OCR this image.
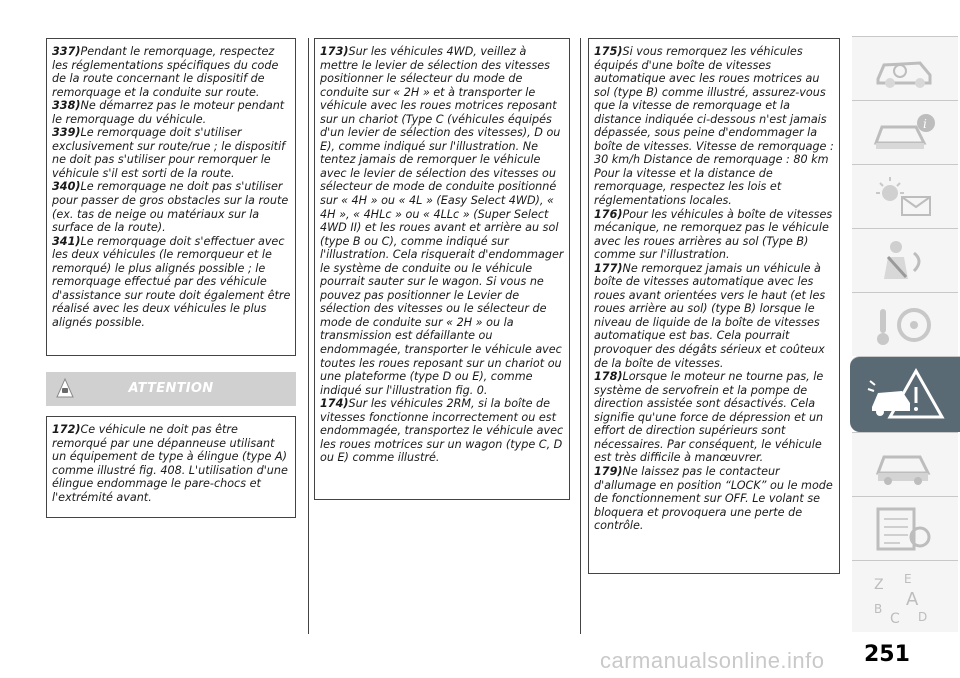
337)Pendant le remorquage, respectez les réglementations spécifiques du code de la route concernant le dispositif de remorquage et la conduite sur route.

338)Ne démarrez pas le moteur pendant le remorquage du véhicule.

339)Le remorquage doit s'utiliser exclusivement sur route/rue ; le dispositif ne doit pas s'utiliser pour remorquer le véhicule s'il est sorti de la route.

340)Le remorquage ne doit pas s'utiliser pour passer de gros obstacles sur la route (ex. tas de neige ou matériaux sur la surface de la route).

341)Le remorquage doit s'effectuer avec les deux véhicules (le remorqueur et le remorqué) le plus alignés possible ; le remorquage effectué par des véhicule d'assistance sur route doit également être réalisé avec les deux véhicules le plus alignés possible.

ATTENTION

172)Ce véhicule ne doit pas être remorqué par une dépanneuse utilisant un équipement de type à élingue (type A) comme illustré fig. 408. L'utilisation d'une élingue endommage le pare-chocs et l'extrémité avant.

173)Sur les véhicules 4WD, veillez à mettre le levier de sélection des vitesses positionner le sélecteur du mode de conduite sur « 2H » et à transporter le véhicule avec les roues motrices reposant sur un chariot (Type C (véhicules équipés d'un levier de sélection des vitesses), D ou E), comme indiqué sur l'illustration. Ne tentez jamais de remorquer le véhicule avec le levier de sélection des vitesses ou sélecteur de mode de conduite positionné sur « 4H » ou « 4L » (Easy Select 4WD), « 4H », « 4HLc » ou « 4LLc » (Super Select 4WD II) et les roues avant et arrière au sol (type B ou C), comme indiqué sur l'illustration. Cela risquerait d'endommager le système de conduite ou le véhicule pourrait sauter sur le wagon. Si vous ne pouvez pas positionner le Levier de sélection des vitesses ou le sélecteur de mode de conduite sur « 2H » ou la transmission est défaillante ou endommagée, transporter le véhicule avec toutes les roues reposant sur un chariot ou une plateforme (type D ou E), comme indiqué sur l'illustration fig. 0.

174)Sur les véhicules 2RM, si la boîte de vitesses fonctionne incorrectement ou est endommagée, transportez le véhicule avec les roues motrices sur un wagon (type C, D ou E) comme illustré.

175)Si vous remorquez les véhicules équipés d'une boîte de vitesses automatique avec les roues motrices au sol (type B) comme illustré, assurez-vous que la vitesse de remorquage et la distance indiquée ci-dessous n'est jamais dépassée, sous peine d'endommager la boîte de vitesses. Vitesse de remorquage : 30 km/h Distance de remorquage : 80 km Pour la vitesse et la distance de remorquage, respectez les lois et réglementations locales.

176)Pour les véhicules à boîte de vitesses mécanique, ne remorquez pas le véhicule avec les roues arrières au sol (Type B) comme sur l'illustration.

177)Ne remorquez jamais un véhicule à boîte de vitesses automatique avec les roues avant orientées vers le haut (et les roues arrière au sol) (type B) lorsque le niveau de liquide de la boîte de vitesses automatique est bas. Cela pourrait provoquer des dégâts sérieux et coûteux de la boîte de vitesses.

178)Lorsque le moteur ne tourne pas, le système de servofrein et la pompe de direction assistée sont désactivés. Cela signifie qu'une force de dépression et un effort de direction supérieurs sont nécessaires. Par conséquent, le véhicule est très difficile à manœuvrer.

179)Ne laissez pas le contacteur d'allumage en position “LOCK” ou le mode de fonctionnement sur OFF. Le volant se bloquera et provoquera une perte de contrôle.

i
Z E
A
B
C D
carmanualsonline.info 251
